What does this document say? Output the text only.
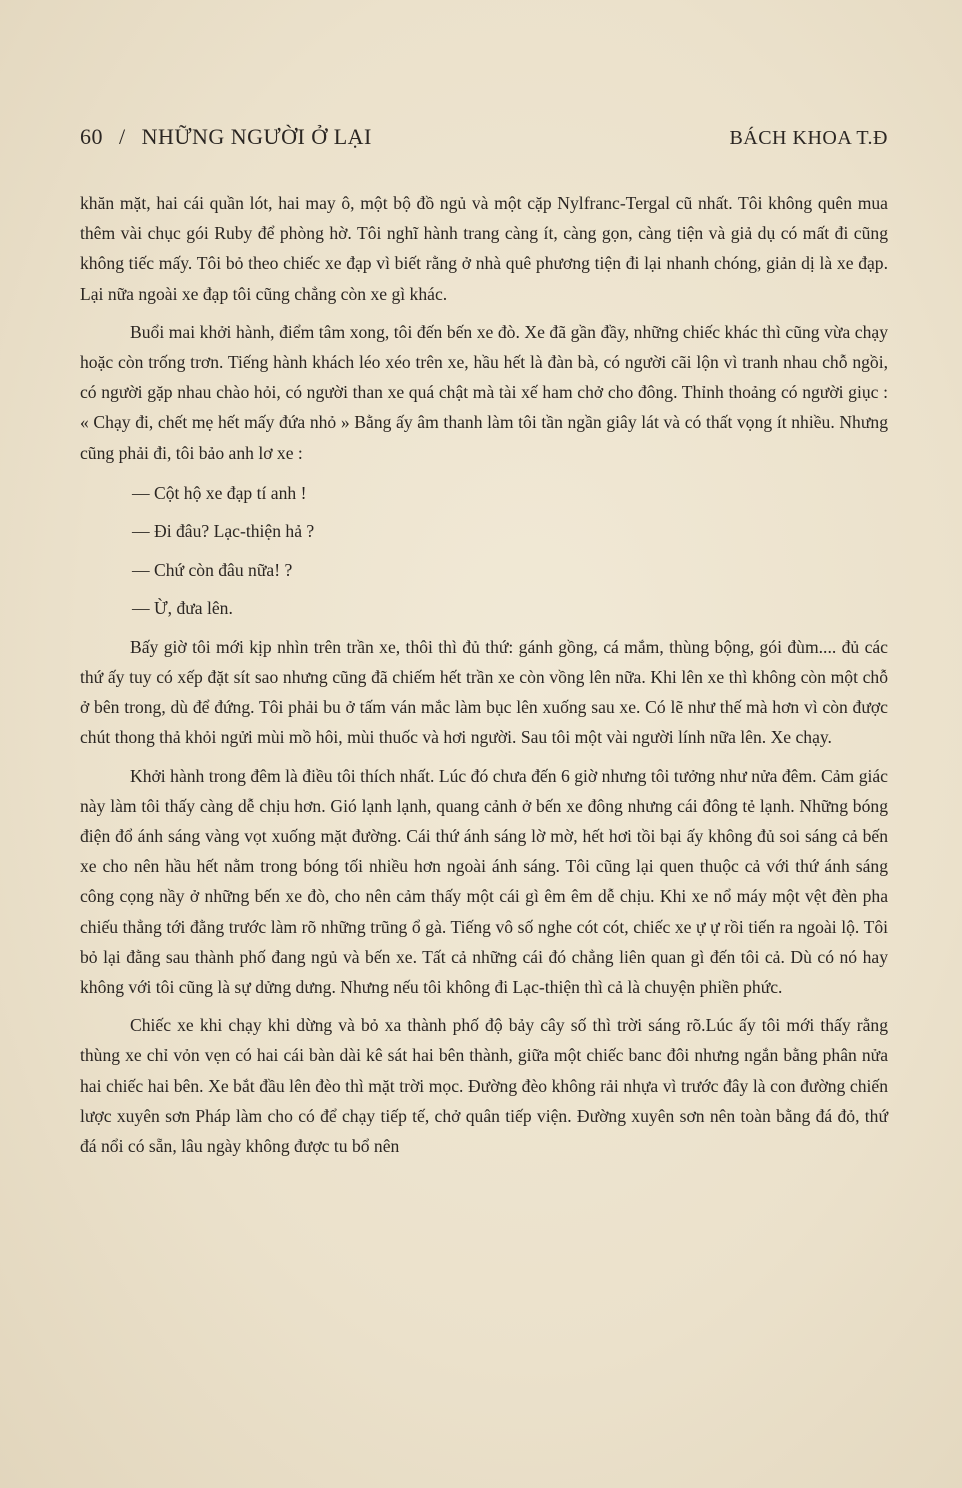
60 / NHỮNG NGƯỜI Ở LẠI	BÁCH KHOA T.Đ

khăn mặt, hai cái quần lót, hai may ô, một bộ đồ ngủ và một cặp Nylfranc-Tergal cũ nhất. Tôi không quên mua thêm vài chục gói Ruby để phòng hờ. Tôi nghĩ hành trang càng ít, càng gọn, càng tiện và giả dụ có mất đi cũng không tiếc mấy. Tôi bỏ theo chiếc xe đạp vì biết rằng ở nhà quê phương tiện đi lại nhanh chóng, giản dị là xe đạp. Lại nữa ngoài xe đạp tôi cũng chẳng còn xe gì khác.

Buổi mai khởi hành, điểm tâm xong, tôi đến bến xe đò. Xe đã gần đầy, những chiếc khác thì cũng vừa chạy hoặc còn trống trơn. Tiếng hành khách léo xéo trên xe, hầu hết là đàn bà, có người cãi lộn vì tranh nhau chỗ ngồi, có người gặp nhau chào hỏi, có người than xe quá chật mà tài xế ham chở cho đông. Thỉnh thoảng có người giục : « Chạy đi, chết mẹ hết mấy đứa nhỏ » Bằng ấy âm thanh làm tôi tần ngần giây lát và có thất vọng ít nhiều. Nhưng cũng phải đi, tôi bảo anh lơ xe :

— Cột hộ xe đạp tí anh !

— Đi đâu? Lạc-thiện hả ?

— Chứ còn đâu nữa! ?

— Ừ, đưa lên.

Bấy giờ tôi mới kịp nhìn trên trần xe, thôi thì đủ thứ: gánh gồng, cá mắm, thùng bộng, gói đùm.... đủ các thứ ấy tuy có xếp đặt sít sao nhưng cũng đã chiếm hết trần xe còn vồng lên nữa. Khi lên xe thì không còn một chỗ ở bên trong, dù để đứng. Tôi phải bu ở tấm ván mắc làm bục lên xuống sau xe. Có lẽ như thế mà hơn vì còn được chút thong thả khỏi ngửi mùi mồ hôi, mùi thuốc và hơi người. Sau tôi một vài người lính nữa lên. Xe chạy.

Khởi hành trong đêm là điều tôi thích nhất. Lúc đó chưa đến 6 giờ nhưng tôi tưởng như nửa đêm. Cảm giác này làm tôi thấy càng dễ chịu hơn. Gió lạnh lạnh, quang cảnh ở bến xe đông nhưng cái đông tẻ lạnh. Những bóng điện đổ ánh sáng vàng vọt xuống mặt đường. Cái thứ ánh sáng lờ mờ, hết hơi tồi bại ấy không đủ soi sáng cả bến xe cho nên hầu hết nằm trong bóng tối nhiều hơn ngoài ánh sáng. Tôi cũng lại quen thuộc cả với thứ ánh sáng công cọng nầy ở những bến xe đò, cho nên cảm thấy một cái gì êm êm dễ chịu. Khi xe nổ máy một vệt đèn pha chiếu thẳng tới đằng trước làm rõ những trũng ổ gà. Tiếng vô số nghe cót cót, chiếc xe ự ự rồi tiến ra ngoài lộ. Tôi bỏ lại đằng sau thành phố đang ngủ và bến xe. Tất cả những cái đó chẳng liên quan gì đến tôi cả. Dù có nó hay không với tôi cũng là sự dửng dưng. Nhưng nếu tôi không đi Lạc-thiện thì cả là chuyện phiền phức.

Chiếc xe khi chạy khi dừng và bỏ xa thành phố độ bảy cây số thì trời sáng rõ.Lúc ấy tôi mới thấy rằng thùng xe chỉ vỏn vẹn có hai cái bàn dài kê sát hai bên thành, giữa một chiếc banc đôi nhưng ngắn bằng phân nửa hai chiếc hai bên. Xe bắt đầu lên đèo thì mặt trời mọc. Đường đèo không rải nhựa vì trước đây là con đường chiến lược xuyên sơn Pháp làm cho có để chạy tiếp tế, chở quân tiếp viện. Đường xuyên sơn nên toàn bằng đá đỏ, thứ đá nổi có sẵn, lâu ngày không được tu bổ nên
